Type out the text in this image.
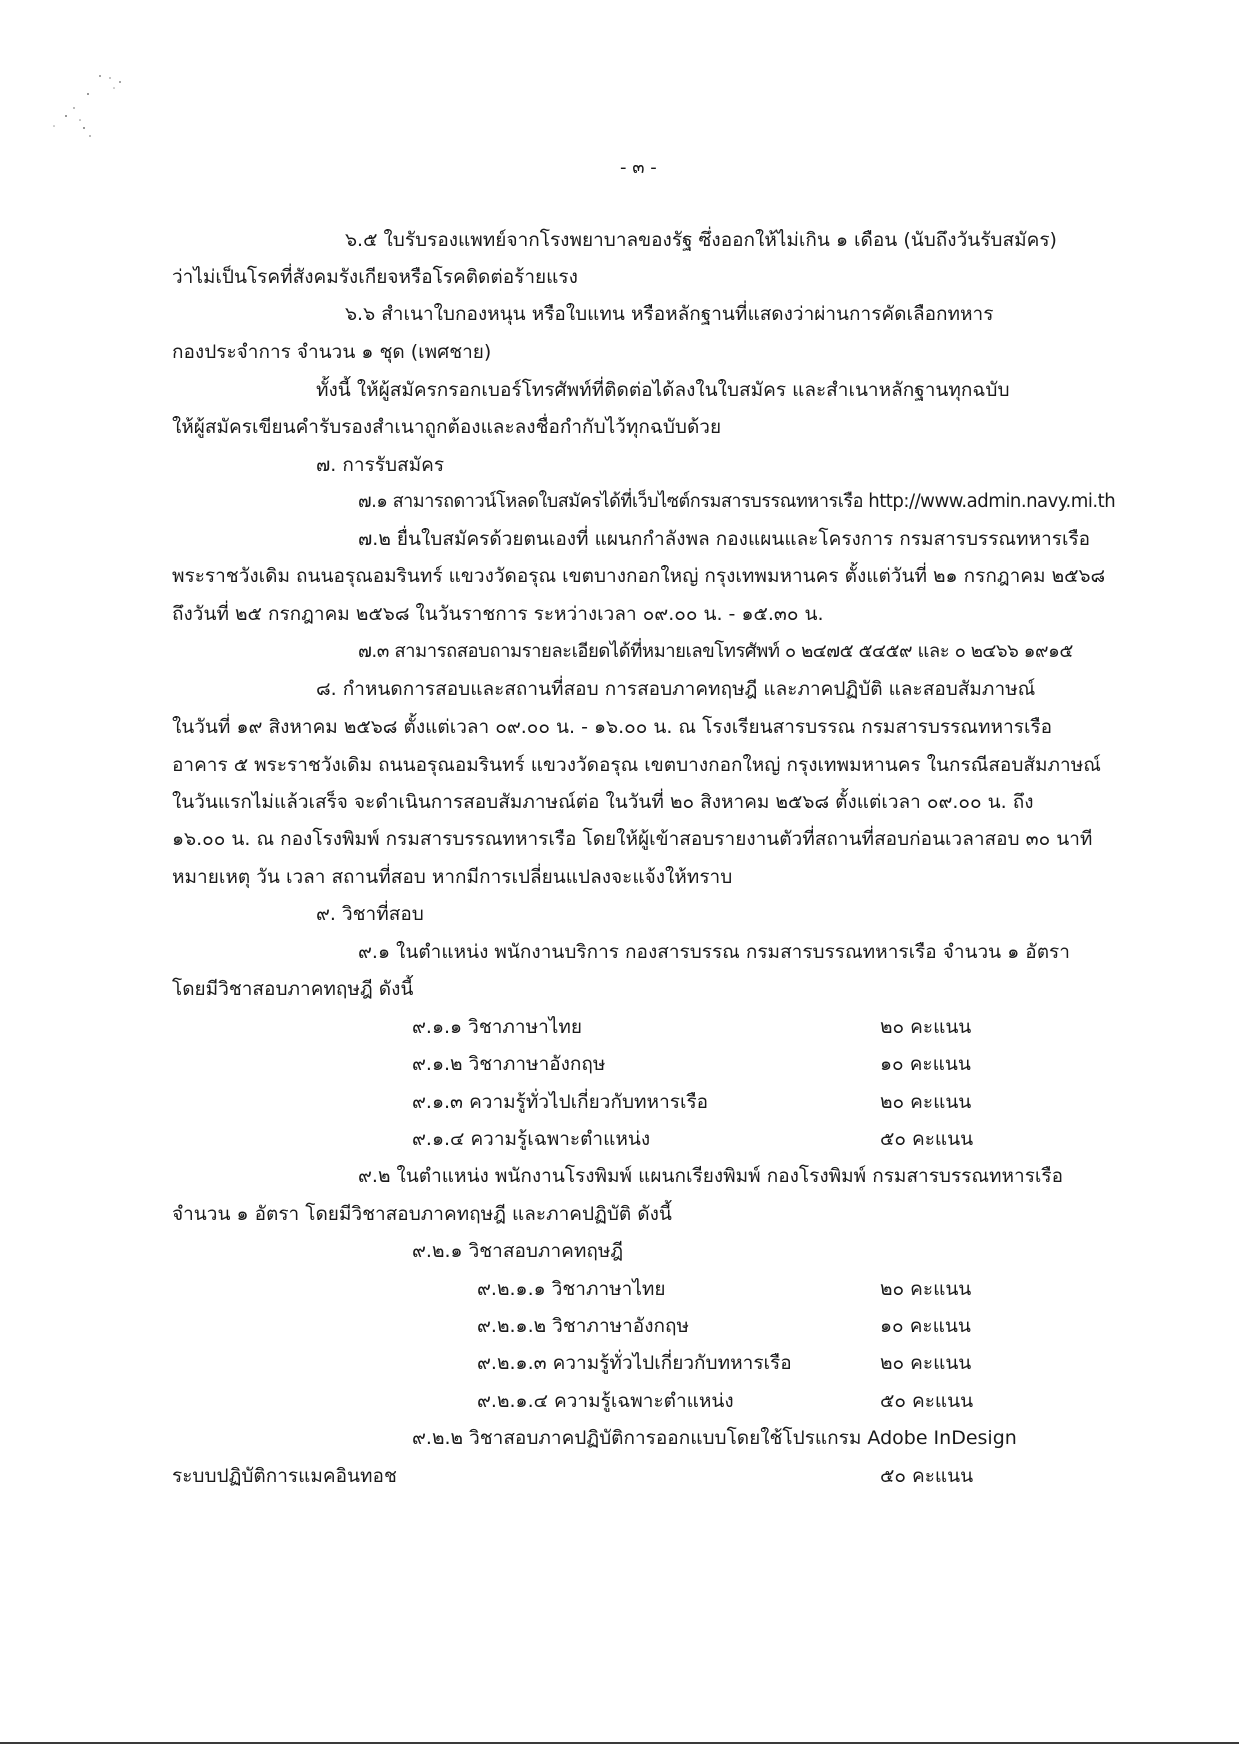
- ๓ -
๖.๕ ใบรับรองแพทย์จากโรงพยาบาลของรัฐ ซึ่งออกให้ไม่เกิน ๑ เดือน (นับถึงวันรับสมัคร)
ว่าไม่เป็นโรคที่สังคมรังเกียจหรือโรคติดต่อร้ายแรง
๖.๖ สำเนาใบกองหนุน หรือใบแทน หรือหลักฐานที่แสดงว่าผ่านการคัดเลือกทหาร
กองประจำการ จำนวน ๑ ชุด (เพศชาย)
ทั้งนี้ ให้ผู้สมัครกรอกเบอร์โทรศัพท์ที่ติดต่อได้ลงในใบสมัคร และสำเนาหลักฐานทุกฉบับ
ให้ผู้สมัครเขียนคำรับรองสำเนาถูกต้องและลงชื่อกำกับไว้ทุกฉบับด้วย
๗. การรับสมัคร
๗.๑ สามารถดาวน์โหลดใบสมัครได้ที่เว็บไซต์กรมสารบรรณทหารเรือ http://www.admin.navy.mi.th
๗.๒ ยื่นใบสมัครด้วยตนเองที่ แผนกกำลังพล กองแผนและโครงการ กรมสารบรรณทหารเรือ
พระราชวังเดิม ถนนอรุณอมรินทร์ แขวงวัดอรุณ เขตบางกอกใหญ่ กรุงเทพมหานคร ตั้งแต่วันที่ ๒๑ กรกฎาคม ๒๕๖๘
ถึงวันที่ ๒๕ กรกฎาคม ๒๕๖๘ ในวันราชการ ระหว่างเวลา ๐๙.๐๐ น. - ๑๕.๓๐ น.
๗.๓ สามารถสอบถามรายละเอียดได้ที่หมายเลขโทรศัพท์ ๐ ๒๔๗๕ ๕๔๕๙ และ ๐ ๒๔๖๖ ๑๙๑๕
๘. กำหนดการสอบและสถานที่สอบ การสอบภาคทฤษฎี และภาคปฏิบัติ และสอบสัมภาษณ์
ในวันที่ ๑๙ สิงหาคม ๒๕๖๘ ตั้งแต่เวลา ๐๙.๐๐ น. - ๑๖.๐๐ น. ณ โรงเรียนสารบรรณ กรมสารบรรณทหารเรือ
อาคาร ๕ พระราชวังเดิม ถนนอรุณอมรินทร์ แขวงวัดอรุณ เขตบางกอกใหญ่ กรุงเทพมหานคร ในกรณีสอบสัมภาษณ์
ในวันแรกไม่แล้วเสร็จ จะดำเนินการสอบสัมภาษณ์ต่อ ในวันที่ ๒๐ สิงหาคม ๒๕๖๘ ตั้งแต่เวลา ๐๙.๐๐ น. ถึง
๑๖.๐๐ น. ณ กองโรงพิมพ์ กรมสารบรรณทหารเรือ โดยให้ผู้เข้าสอบรายงานตัวที่สถานที่สอบก่อนเวลาสอบ ๓๐ นาที
หมายเหตุ วัน เวลา สถานที่สอบ หากมีการเปลี่ยนแปลงจะแจ้งให้ทราบ
๙. วิชาที่สอบ
๙.๑ ในตำแหน่ง พนักงานบริการ กองสารบรรณ กรมสารบรรณทหารเรือ จำนวน ๑ อัตรา
โดยมีวิชาสอบภาคทฤษฎี ดังนี้
๙.๑.๑ วิชาภาษาไทย	๒๐ คะแนน
๙.๑.๒ วิชาภาษาอังกฤษ	๑๐ คะแนน
๙.๑.๓ ความรู้ทั่วไปเกี่ยวกับทหารเรือ	๒๐ คะแนน
๙.๑.๔ ความรู้เฉพาะตำแหน่ง	๕๐ คะแนน
๙.๒ ในตำแหน่ง พนักงานโรงพิมพ์ แผนกเรียงพิมพ์ กองโรงพิมพ์ กรมสารบรรณทหารเรือ
จำนวน ๑ อัตรา โดยมีวิชาสอบภาคทฤษฎี และภาคปฏิบัติ ดังนี้
๙.๒.๑ วิชาสอบภาคทฤษฎี
๙.๒.๑.๑ วิชาภาษาไทย	๒๐ คะแนน
๙.๒.๑.๒ วิชาภาษาอังกฤษ	๑๐ คะแนน
๙.๒.๑.๓ ความรู้ทั่วไปเกี่ยวกับทหารเรือ	๒๐ คะแนน
๙.๒.๑.๔ ความรู้เฉพาะตำแหน่ง	๕๐ คะแนน
๙.๒.๒ วิชาสอบภาคปฏิบัติการออกแบบโดยใช้โปรแกรม Adobe InDesign
ระบบปฏิบัติการแมคอินทอช	๕๐ คะแนน
